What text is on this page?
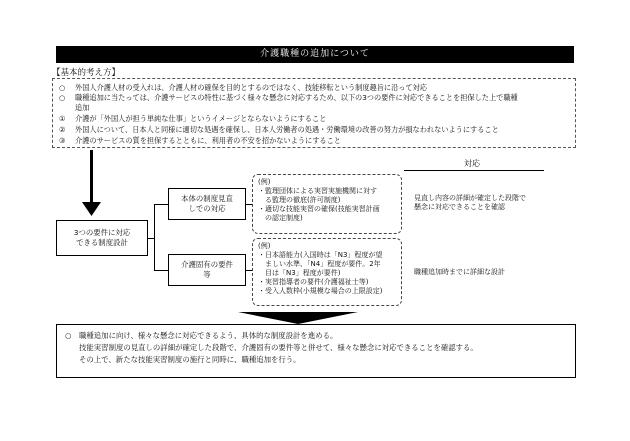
介護職種の追加について
【基本的考え方】
○ 外国人介護人材の受入れは、介護人材の確保を目的とするのではなく、技能移転という制度趣旨に沿って対応
○ 職種追加に当たっては、介護サービスの特性に基づく様々な懸念に対応するため、以下の3つの要件に対応できることを担保した上で職種
追加
① 介護が「外国人が担う単純な仕事」というイメージとならないようにすること
② 外国人について、日本人と同様に適切な処遇を確保し、日本人労働者の処遇・労働環境の改善の努力が損なわれないようにすること
③ 介護のサービスの質を担保するとともに、利用者の不安を招かないようにすること
対応
3つの要件に対応
できる制度設計
本体の制度見直
しでの対応
(例)
・監理団体による実習実施機関に対す
　る監理の徹底(許可制度)
・適切な技能実習の確保(技能実習計画
　の認定制度)
見直し内容の詳細が確定した段階で
懸念に対応できることを確認
介護固有の要件
等
(例)
・日本語能力(入国時は「N3」程度が望
　ましい水準、「N4」程度が要件。2年
　目は「N3」程度が要件)
・実習指導者の要件(介護福祉士等)
・受入人数枠(小規模な場合の上限設定)
職種追加時までに詳細な設計
○ 職種追加に向け、様々な懸念に対応できるよう、具体的な制度設計を進める。
技能実習制度の見直しの詳細が確定した段階で、介護固有の要件等と併せて、様々な懸念に対応できることを確認する。
その上で、新たな技能実習制度の施行と同時に、職種追加を行う。
